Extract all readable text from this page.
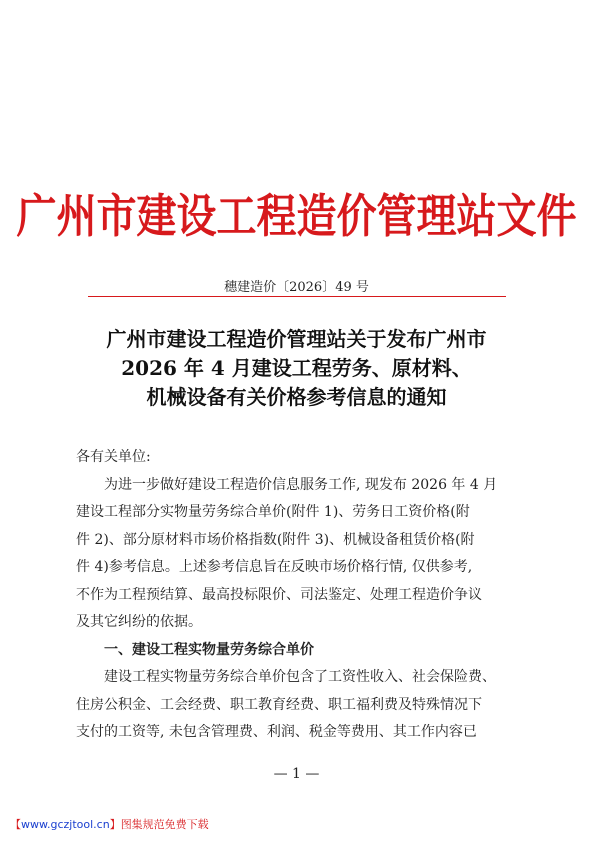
广州市建设工程造价管理站文件
穗建造价〔2026〕49 号
广州市建设工程造价管理站关于发布广州市
2026 年 4 月建设工程劳务、原材料、
机械设备有关价格参考信息的通知

各有关单位:

为进一步做好建设工程造价信息服务工作, 现发布 2026 年 4 月

建设工程部分实物量劳务综合单价(附件 1)、劳务日工资价格(附

件 2)、部分原材料市场价格指数(附件 3)、机械设备租赁价格(附

件 4)参考信息。上述参考信息旨在反映市场价格行情, 仅供参考,

不作为工程预结算、最高投标限价、司法鉴定、处理工程造价争议

及其它纠纷的依据。

一、建设工程实物量劳务综合单价

建设工程实物量劳务综合单价包含了工资性收入、社会保险费、

住房公积金、工会经费、职工教育经费、职工福利费及特殊情况下

支付的工资等, 未包含管理费、利润、税金等费用、其工作内容已

— 1 —
【www.gczjtool.cn】图集规范免费下载
